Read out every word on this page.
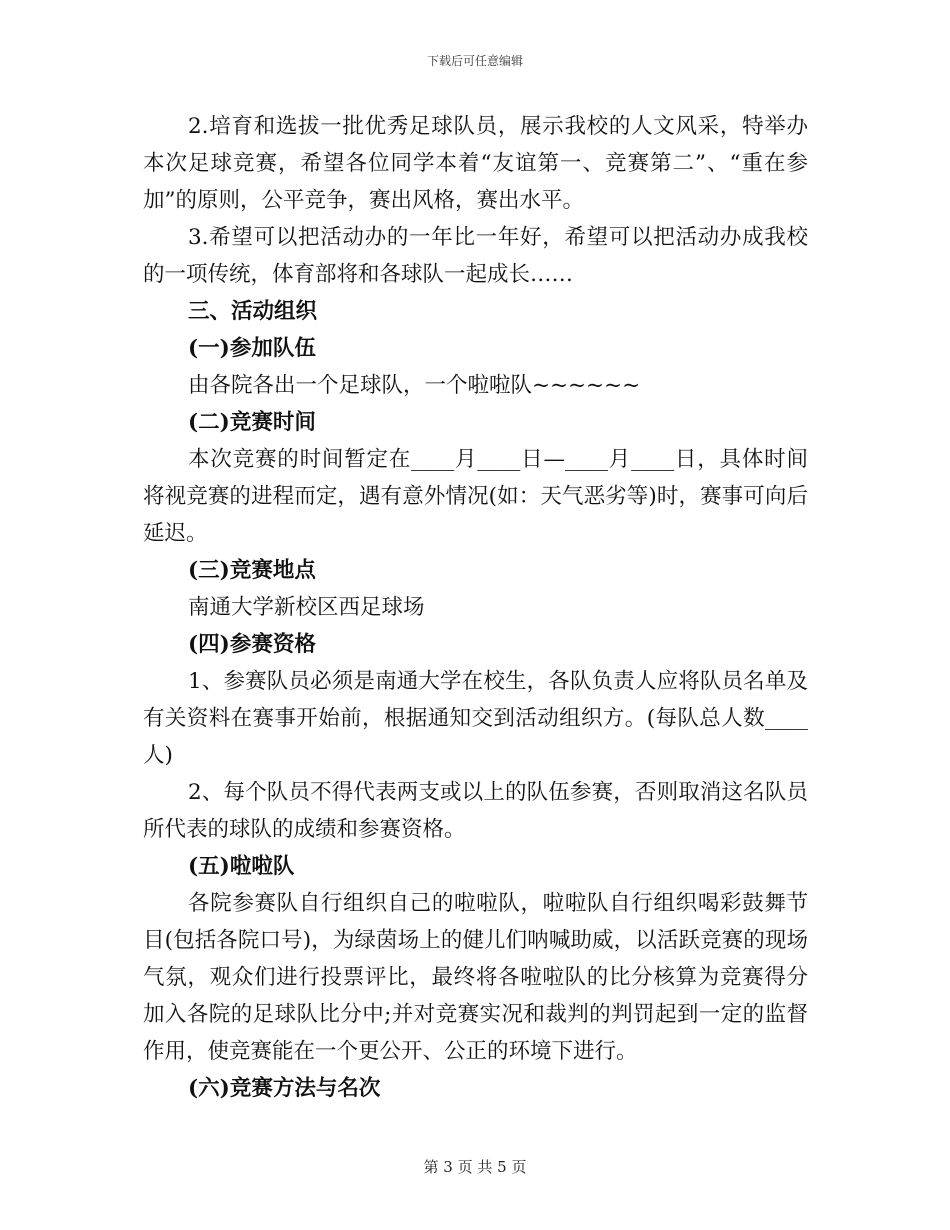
下载后可任意编辑

2.培育和选拔一批优秀足球队员，展示我校的人文风采，特举办本次足球竞赛，希望各位同学本着“友谊第一、竞赛第二”、“重在参加”的原则，公平竞争，赛出风格，赛出水平。

3.希望可以把活动办的一年比一年好，希望可以把活动办成我校的一项传统，体育部将和各球队一起成长……

三、活动组织

(一)参加队伍

由各院各出一个足球队，一个啦啦队~~~~~~

(二)竞赛时间

本次竞赛的时间暂定在____月____日—____月____日，具体时间将视竞赛的进程而定，遇有意外情况(如：天气恶劣等)时，赛事可向后延迟。

(三)竞赛地点

南通大学新校区西足球场

(四)参赛资格

1、参赛队员必须是南通大学在校生，各队负责人应将队员名单及有关资料在赛事开始前，根据通知交到活动组织方。(每队总人数____人)

2、每个队员不得代表两支或以上的队伍参赛，否则取消这名队员所代表的球队的成绩和参赛资格。

(五)啦啦队

各院参赛队自行组织自己的啦啦队，啦啦队自行组织喝彩鼓舞节目(包括各院口号)，为绿茵场上的健儿们呐喊助威，以活跃竞赛的现场气氛，观众们进行投票评比，最终将各啦啦队的比分核算为竞赛得分加入各院的足球队比分中;并对竞赛实况和裁判的判罚起到一定的监督作用，使竞赛能在一个更公开、公正的环境下进行。

(六)竞赛方法与名次

第 3 页 共 5 页
